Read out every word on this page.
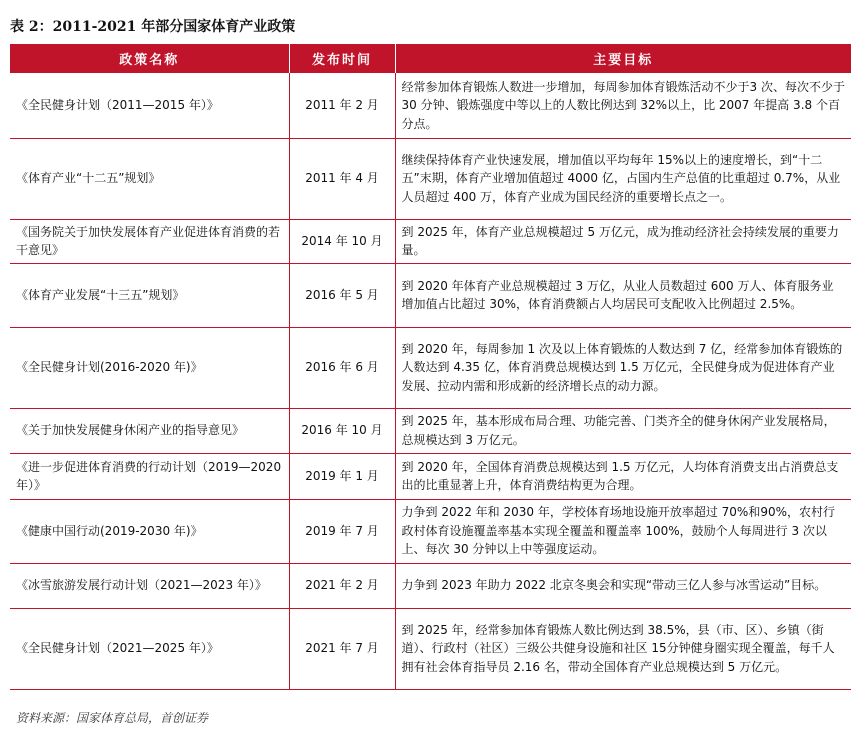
表 2：2011-2021 年部分国家体育产业政策
政策名称	发布时间	主要目标
《全民健身计划（2011—2015 年）》	2011 年 2 月	经常参加体育锻炼人数进一步增加，每周参加体育锻炼活动不少于3 次、每次不少于 30 分钟、锻炼强度中等以上的人数比例达到 32%以上，比 2007 年提高 3.8 个百分点。
《体育产业“十二五”规划》	2011 年 4 月	继续保持体育产业快速发展，增加值以平均每年 15%以上的速度增长，到“十二五”末期，体育产业增加值超过 4000 亿，占国内生产总值的比重超过 0.7%，从业人员超过 400 万，体育产业成为国民经济的重要增长点之一。
《国务院关于加快发展体育产业促进体育消费的若干意见》	2014 年 10 月	到 2025 年，体育产业总规模超过 5 万亿元，成为推动经济社会持续发展的重要力量。
《体育产业发展“十三五”规划》	2016 年 5 月	到 2020 年体育产业总规模超过 3 万亿，从业人员数超过 600 万人、体育服务业增加值占比超过 30%，体育消费额占人均居民可支配收入比例超过 2.5%。
《全民健身计划(2016-2020 年)》	2016 年 6 月	到 2020 年，每周参加 1 次及以上体育锻炼的人数达到 7 亿，经常参加体育锻炼的人数达到 4.35 亿，体育消费总规模达到 1.5 万亿元，全民健身成为促进体育产业发展、拉动内需和形成新的经济增长点的动力源。
《关于加快发展健身休闲产业的指导意见》	2016 年 10 月	到 2025 年，基本形成布局合理、功能完善、门类齐全的健身休闲产业发展格局，总规模达到 3 万亿元。
《进一步促进体育消费的行动计划（2019—2020 年）》	2019 年 1 月	到 2020 年，全国体育消费总规模达到 1.5 万亿元，人均体育消费支出占消费总支出的比重显著上升，体育消费结构更为合理。
《健康中国行动(2019-2030 年)》	2019 年 7 月	力争到 2022 年和 2030 年，学校体育场地设施开放率超过 70%和90%，农村行政村体育设施覆盖率基本实现全覆盖和覆盖率 100%，鼓励个人每周进行 3 次以上、每次 30 分钟以上中等强度运动。
《冰雪旅游发展行动计划（2021—2023 年）》	2021 年 2 月	力争到 2023 年助力 2022 北京冬奥会和实现“带动三亿人参与冰雪运动”目标。
《全民健身计划（2021—2025 年）》	2021 年 7 月	到 2025 年，经常参加体育锻炼人数比例达到 38.5%，县（市、区）、乡镇（街道）、行政村（社区）三级公共健身设施和社区 15分钟健身圈实现全覆盖，每千人拥有社会体育指导员 2.16 名，带动全国体育产业总规模达到 5 万亿元。
资料来源：国家体育总局，首创证券
